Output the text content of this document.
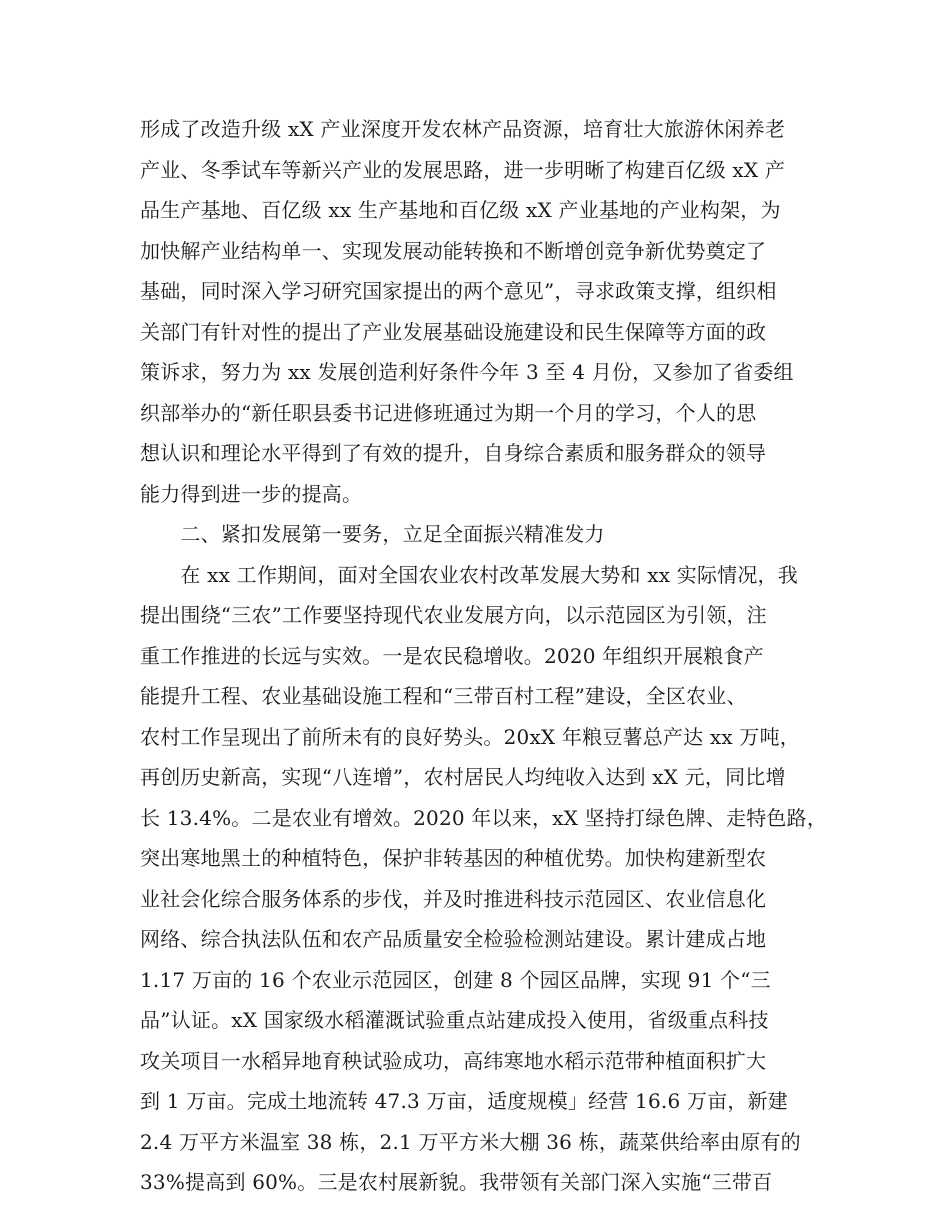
形成了改造升级 xX 产业深度开发农林产品资源，培育壮大旅游休闲养老
产业、冬季试车等新兴产业的发展思路，进一步明晰了构建百亿级 xX 产
品生产基地、百亿级 xx 生产基地和百亿级 xX 产业基地的产业构架，为
加快解产业结构单一、实现发展动能转换和不断增创竞争新优势奠定了
基础，同时深入学习研究国家提出的两个意见”，寻求政策支撑，组织相
关部门有针对性的提出了产业发展基础设施建设和民生保障等方面的政
策诉求，努力为 xx 发展创造利好条件今年 3 至 4 月份，又参加了省委组
织部举办的“新任职县委书记进修班通过为期一个月的学习，个人的思
想认识和理论水平得到了有效的提升，自身综合素质和服务群众的领导
能力得到进一步的提高。
　　二、紧扣发展第一要务，立足全面振兴精准发力
　　在 xx 工作期间，面对全国农业农村改革发展大势和 xx 实际情况，我
提出围绕“三农”工作要坚持现代农业发展方向，以示范园区为引领，注
重工作推进的长远与实效。一是农民稳增收。2020 年组织开展粮食产
能提升工程、农业基础设施工程和“三带百村工程”建设，全区农业、
农村工作呈现出了前所未有的良好势头。20xX 年粮豆薯总产达 xx 万吨，
再创历史新高，实现“八连增”，农村居民人均纯收入达到 xX 元，同比增
长 13.4%。二是农业有增效。2020 年以来，xX 坚持打绿色牌、走特色路，
突出寒地黑土的种植特色，保护非转基因的种植优势。加快构建新型农
业社会化综合服务体系的步伐，并及时推进科技示范园区、农业信息化
网络、综合执法队伍和农产品质量安全检验检测站建设。累计建成占地
1.17 万亩的 16 个农业示范园区，创建 8 个园区品牌，实现 91 个“三
品”认证。xX 国家级水稻灌溉试验重点站建成投入使用，省级重点科技
攻关项目一水稻异地育秧试验成功，高纬寒地水稻示范带种植面积扩大
到 1 万亩。完成土地流转 47.3 万亩，适度规模」经营 16.6 万亩，新建
2.4 万平方米温室 38 栋，2.1 万平方米大棚 36 栋，蔬菜供给率由原有的
33%提高到 60%。三是农村展新貌。我带领有关部门深入实施“三带百
